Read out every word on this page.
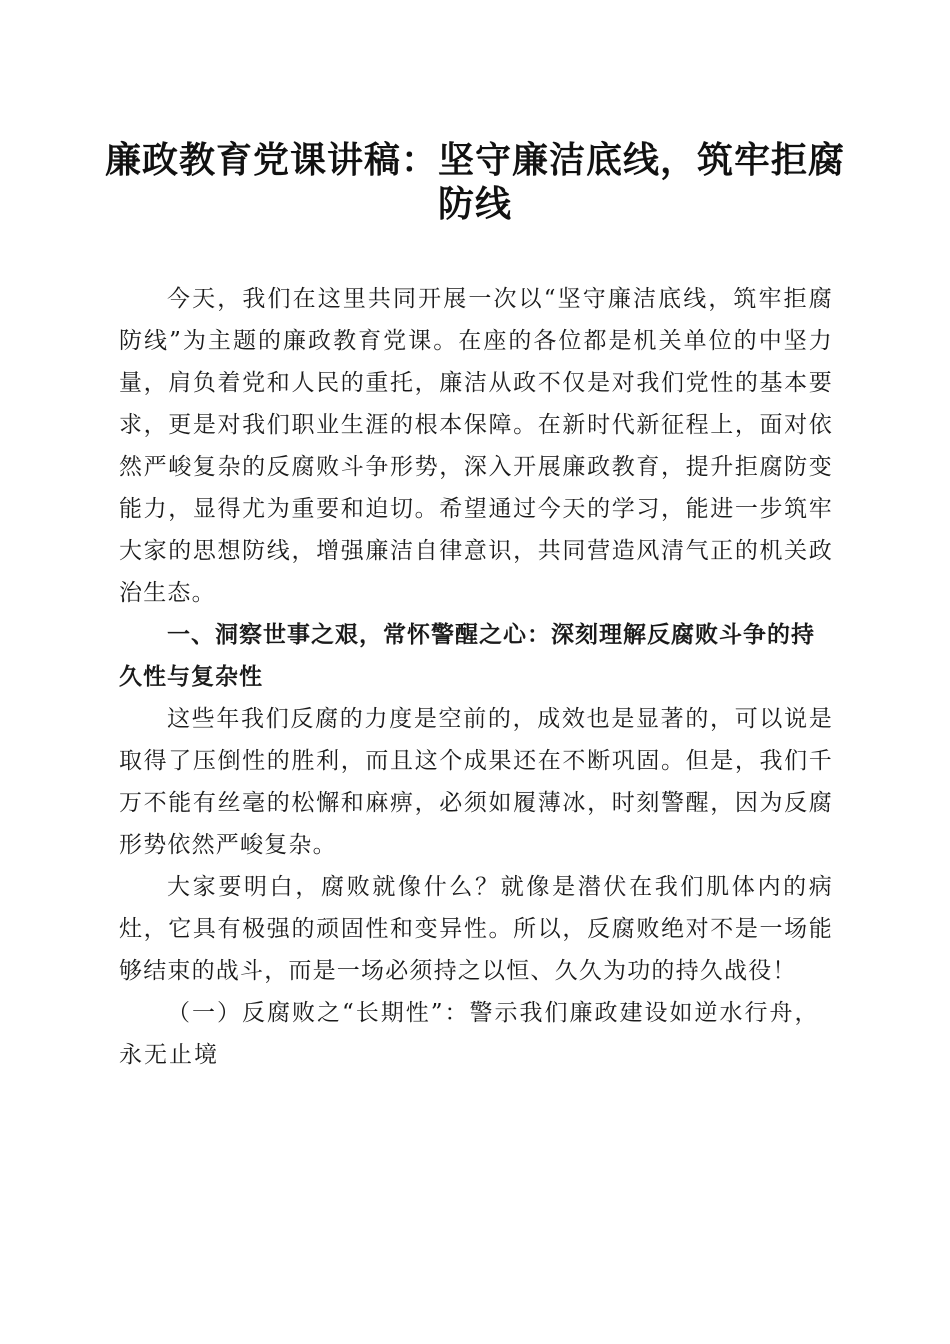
廉政教育党课讲稿：坚守廉洁底线，筑牢拒腐
防线

今天，我们在这里共同开展一次以“坚守廉洁底线，筑牢拒腐防线”为主题的廉政教育党课。在座的各位都是机关单位的中坚力量，肩负着党和人民的重托，廉洁从政不仅是对我们党性的基本要求，更是对我们职业生涯的根本保障。在新时代新征程上，面对依然严峻复杂的反腐败斗争形势，深入开展廉政教育，提升拒腐防变能力，显得尤为重要和迫切。希望通过今天的学习，能进一步筑牢大家的思想防线，增强廉洁自律意识，共同营造风清气正的机关政治生态。

一、洞察世事之艰，常怀警醒之心：深刻理解反腐败斗争的持久性与复杂性

这些年我们反腐的力度是空前的，成效也是显著的，可以说是取得了压倒性的胜利，而且这个成果还在不断巩固。但是，我们千万不能有丝毫的松懈和麻痹，必须如履薄冰，时刻警醒，因为反腐形势依然严峻复杂。

大家要明白，腐败就像什么？就像是潜伏在我们肌体内的病灶，它具有极强的顽固性和变异性。所以，反腐败绝对不是一场能够结束的战斗，而是一场必须持之以恒、久久为功的持久战役！

（一）反腐败之“长期性”：警示我们廉政建设如逆水行舟，永无止境
